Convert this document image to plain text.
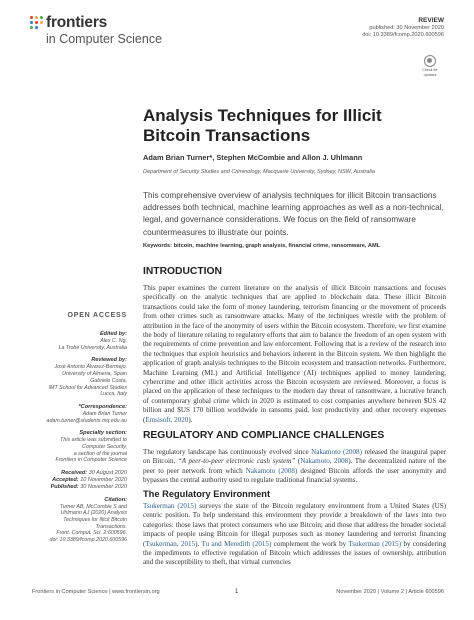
frontiers
in Computer Science
REVIEW
published: 30 November 2020
doi: 10.3389/fcomp.2020.600596
Check for
updates
Analysis Techniques for Illicit Bitcoin Transactions
Adam Brian Turner*, Stephen McCombie and Allon J. Uhlmann
Department of Security Studies and Criminology, Macquarie University, Sydney, NSW, Australia
This comprehensive overview of analysis techniques for illicit Bitcoin transactions addresses both technical, machine learning approaches as well as a non-technical, legal, and governance considerations. We focus on the field of ransomware countermeasures to illustrate our points.
Keywords: bitcoin, machine learning, graph analysis, financial crime, ransomware, AML
OPEN ACCESS
Edited by:
Alex C. Ng,
La Trobe University, Australia
Reviewed by:
José Antonio Álvarez-Bermejo,
University of Almeria, Spain
Gabriele Costa,
IMT School for Advanced Studies
Lucca, Italy
*Correspondence:
Adam Brian Turner
adam.turner@students.mq.edu.au
Specialty section:
This article was submitted to
Computer Security,
a section of the journal
Frontiers in Computer Science
Received: 30 August 2020
Accepted: 10 November 2020
Published: 30 November 2020
Citation:
Turner AB, McCombie S and
Uhlmann AJ (2020) Analysis
Techniques for Illicit Bitcoin
Transactions.
Front. Comput. Sci. 2:600596.
doi: 10.3389/fcomp.2020.600596
INTRODUCTION
This paper examines the current literature on the analysis of illicit Bitcoin transactions and focuses specifically on the analytic techniques that are applied to blockchain data. These illicit Bitcoin transactions could take the form of money laundering, terrorism financing or the movement of proceeds from other crimes such as ransomware attacks. Many of the techniques wrestle with the problem of attribution in the face of the anonymity of users within the Bitcoin ecosystem. Therefore, we first examine the body of literature relating to regulatory efforts that aim to balance the freedom of an open system with the requirements of crime prevention and law enforcement. Following that is a review of the research into the techniques that exploit heuristics and behaviors inherent in the Bitcoin system. We then highlight the application of graph analysis techniques to the Bitcoin ecosystem and transaction networks. Furthermore, Machine Learning (ML) and Artificial Intelligence (AI) techniques applied to money laundering, cybercrime and other illicit activities across the Bitcoin ecosystem are reviewed. Moreover, a focus is placed on the application of these techniques to the modern day threat of ransomware, a lucrative branch of contemporary global crime which in 2020 is estimated to cost companies anywhere between $US 42 billion and $US 170 billion worldwide in ransoms paid, lost productivity and other recovery expenses (Emsisoft, 2020).
REGULATORY AND COMPLIANCE CHALLENGES
The regulatory landscape has continuously evolved since Nakamoto (2008) released the inaugural paper on Bitcoin, “A peer-to-peer electronic cash system” (Nakamoto, 2008). The decentralized nature of the peer to peer network from which Nakamoto (2008) designed Bitcoin affords the user anonymity and bypasses the central authority used to regulate traditional financial systems.
The Regulatory Environment
Tsukerman (2015) surveys the state of the Bitcoin regulatory environment from a United States (US) centric position. To help understand this environment they provide a breakdown of the laws into two categories: those laws that protect consumers who use Bitcoin; and those that address the broader societal impacts of people using Bitcoin for illegal purposes such as money laundering and terrorist financing (Tsukerman, 2015). Tu and Meredith (2015) complement the work by Tsukerman (2015) by considering the impediments to effective regulation of Bitcoin which addresses the issues of ownership, attribution and the susceptibility to theft, that virtual currencies
Frontiers in Computer Science | www.frontiersin.org	1	November 2020 | Volume 2 | Article 600596
